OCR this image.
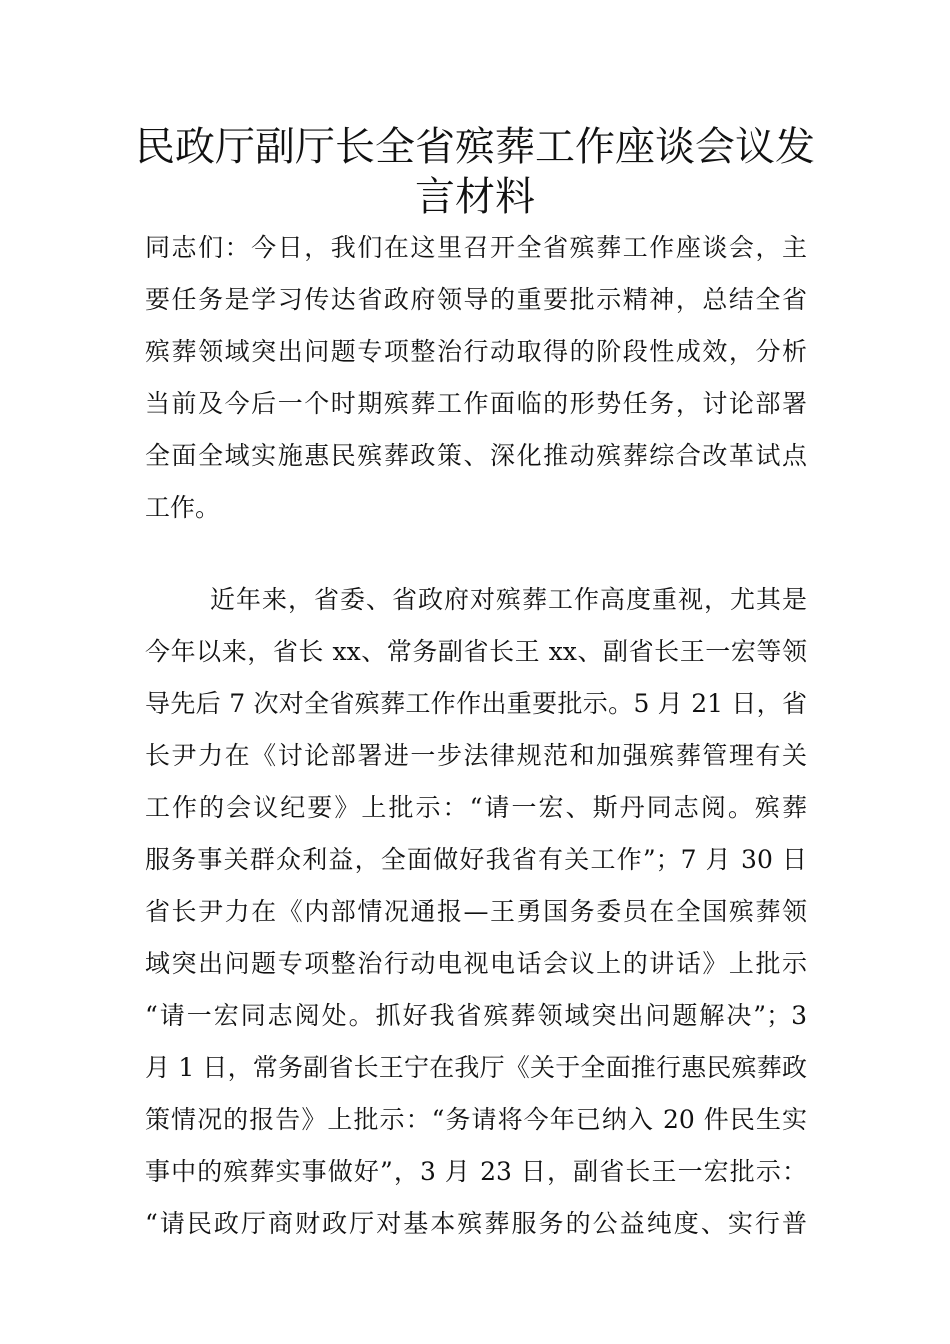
民政厅副厅长全省殡葬工作座谈会议发
言材料

同志们：今日，我们在这里召开全省殡葬工作座谈会，主

要任务是学习传达省政府领导的重要批示精神，总结全省

殡葬领域突出问题专项整治行动取得的阶段性成效，分析

当前及今后一个时期殡葬工作面临的形势任务，讨论部署

全面全域实施惠民殡葬政策、深化推动殡葬综合改革试点

工作。

近年来，省委、省政府对殡葬工作高度重视，尤其是

今年以来，省长 xx、常务副省长王 xx、副省长王一宏等领

导先后 7 次对全省殡葬工作作出重要批示。5 月 21 日，省

长尹力在《讨论部署进一步法律规范和加强殡葬管理有关

工作的会议纪要》上批示：“请一宏、斯丹同志阅。殡葬

服务事关群众利益，全面做好我省有关工作”；7 月 30 日

省长尹力在《内部情况通报—王勇国务委员在全国殡葬领

域突出问题专项整治行动电视电话会议上的讲话》上批示

“请一宏同志阅处。抓好我省殡葬领域突出问题解决”；3

月 1 日，常务副省长王宁在我厅《关于全面推行惠民殡葬政

策情况的报告》上批示：“务请将今年已纳入 20 件民生实

事中的殡葬实事做好”，3 月 23 日，副省长王一宏批示：

“请民政厅商财政厅对基本殡葬服务的公益纯度、实行普
